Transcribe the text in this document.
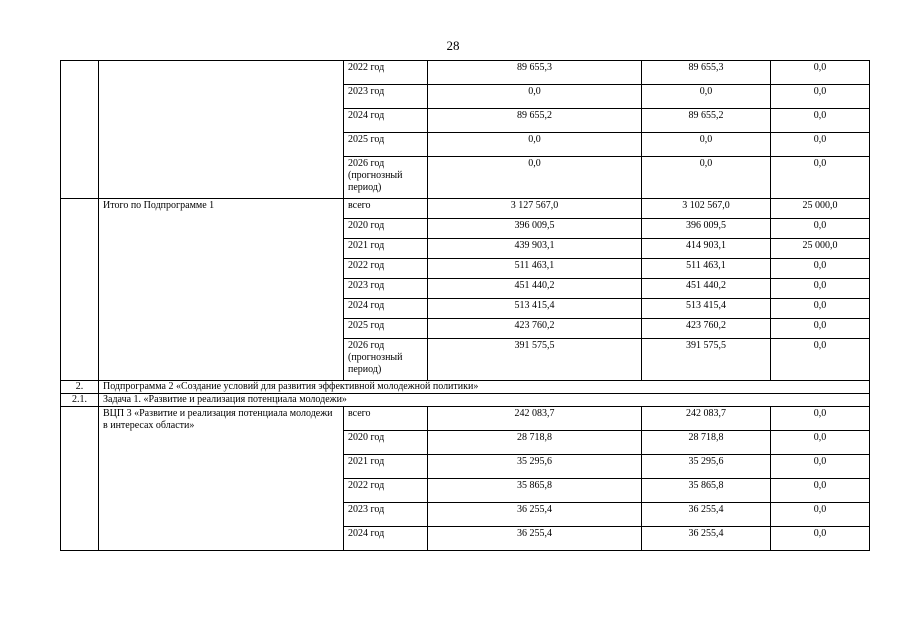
28
		2022 год	89 655,3	89 655,3	0,0
		2023 год	0,0	0,0	0,0
		2024 год	89 655,2	89 655,2	0,0
		2025 год	0,0	0,0	0,0
		2026 год (прогнозный период)	0,0	0,0	0,0
	Итого по Подпрограмме 1	всего	3 127 567,0	3 102 567,0	25 000,0
		2020 год	396 009,5	396 009,5	0,0
		2021 год	439 903,1	414 903,1	25 000,0
		2022 год	511 463,1	511 463,1	0,0
		2023 год	451 440,2	451 440,2	0,0
		2024 год	513 415,4	513 415,4	0,0
		2025 год	423 760,2	423 760,2	0,0
		2026 год (прогнозный период)	391 575,5	391 575,5	0,0
2.	Подпрограмма 2 «Создание условий для развития эффективной молодежной политики»				
2.1.	Задача 1. «Развитие и реализация потенциала молодежи»				
	ВЦП 3 «Развитие и реализация потенциала молодежи в интересах области»	всего	242 083,7	242 083,7	0,0
		2020 год	28 718,8	28 718,8	0,0
		2021 год	35 295,6	35 295,6	0,0
		2022 год	35 865,8	35 865,8	0,0
		2023 год	36 255,4	36 255,4	0,0
		2024 год	36 255,4	36 255,4	0,0
